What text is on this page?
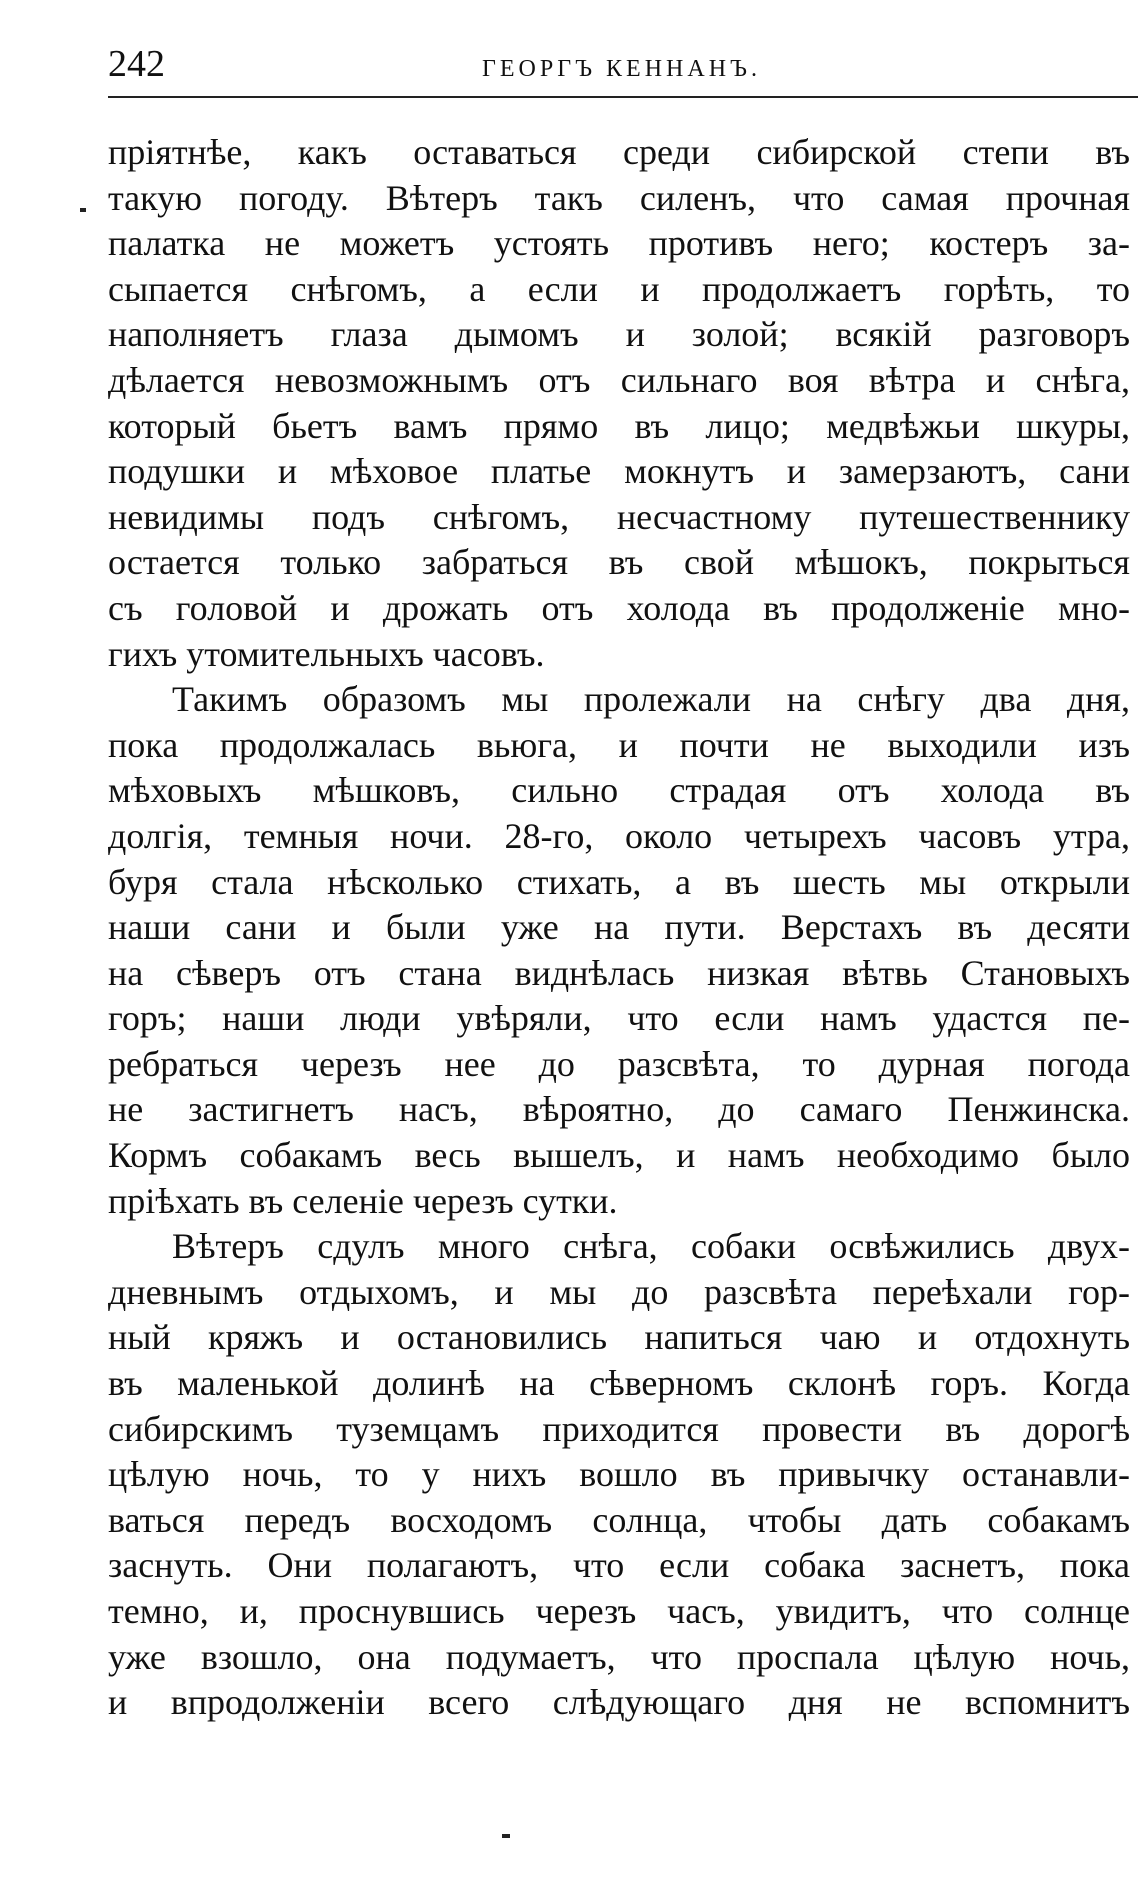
242	ГЕОРГЪ КЕННАНЪ.
пріятнѣе, какъ оставаться среди сибирской степи въ
такую погоду. Вѣтеръ такъ силенъ, что самая прочная
палатка не можетъ устоять противъ него; костеръ за-
сыпается снѣгомъ, а если и продолжаетъ горѣть, то
наполняетъ глаза дымомъ и золой; всякій разговоръ
дѣлается невозможнымъ отъ сильнаго воя вѣтра и снѣга,
который бьетъ вамъ прямо въ лицо; медвѣжьи шкуры,
подушки и мѣховое платье мокнутъ и замерзаютъ, сани
невидимы подъ снѣгомъ, несчастному путешественнику
остается только забраться въ свой мѣшокъ, покрыться
съ головой и дрожать отъ холода въ продолженіе мно-
гихъ утомительныхъ часовъ.
Такимъ образомъ мы пролежали на снѣгу два дня,
пока продолжалась вьюга, и почти не выходили изъ
мѣховыхъ мѣшковъ, сильно страдая отъ холода въ
долгія, темныя ночи. 28-го, около четырехъ часовъ утра,
буря стала нѣсколько стихать, а въ шесть мы открыли
наши сани и были уже на пути. Верстахъ въ десяти
на сѣверъ отъ стана виднѣлась низкая вѣтвь Становыхъ
горъ; наши люди увѣряли, что если намъ удастся пе-
ребраться черезъ нее до разсвѣта, то дурная погода
не застигнетъ насъ, вѣроятно, до самаго Пенжинска.
Кормъ собакамъ весь вышелъ, и намъ необходимо было
пріѣхать въ селеніе черезъ сутки.
Вѣтеръ сдулъ много снѣга, собаки освѣжились двух-
дневнымъ отдыхомъ, и мы до разсвѣта переѣхали гор-
ный кряжъ и остановились напиться чаю и отдохнуть
въ маленькой долинѣ на сѣверномъ склонѣ горъ. Когда
сибирскимъ туземцамъ приходится провести въ дорогѣ
цѣлую ночь, то у нихъ вошло въ привычку останавли-
ваться передъ восходомъ солнца, чтобы дать собакамъ
заснуть. Они полагаютъ, что если собака заснетъ, пока
темно, и, проснувшись черезъ часъ, увидитъ, что солнце
уже взошло, она подумаетъ, что проспала цѣлую ночь,
и впродолженіи всего слѣдующаго дня не вспомнитъ
